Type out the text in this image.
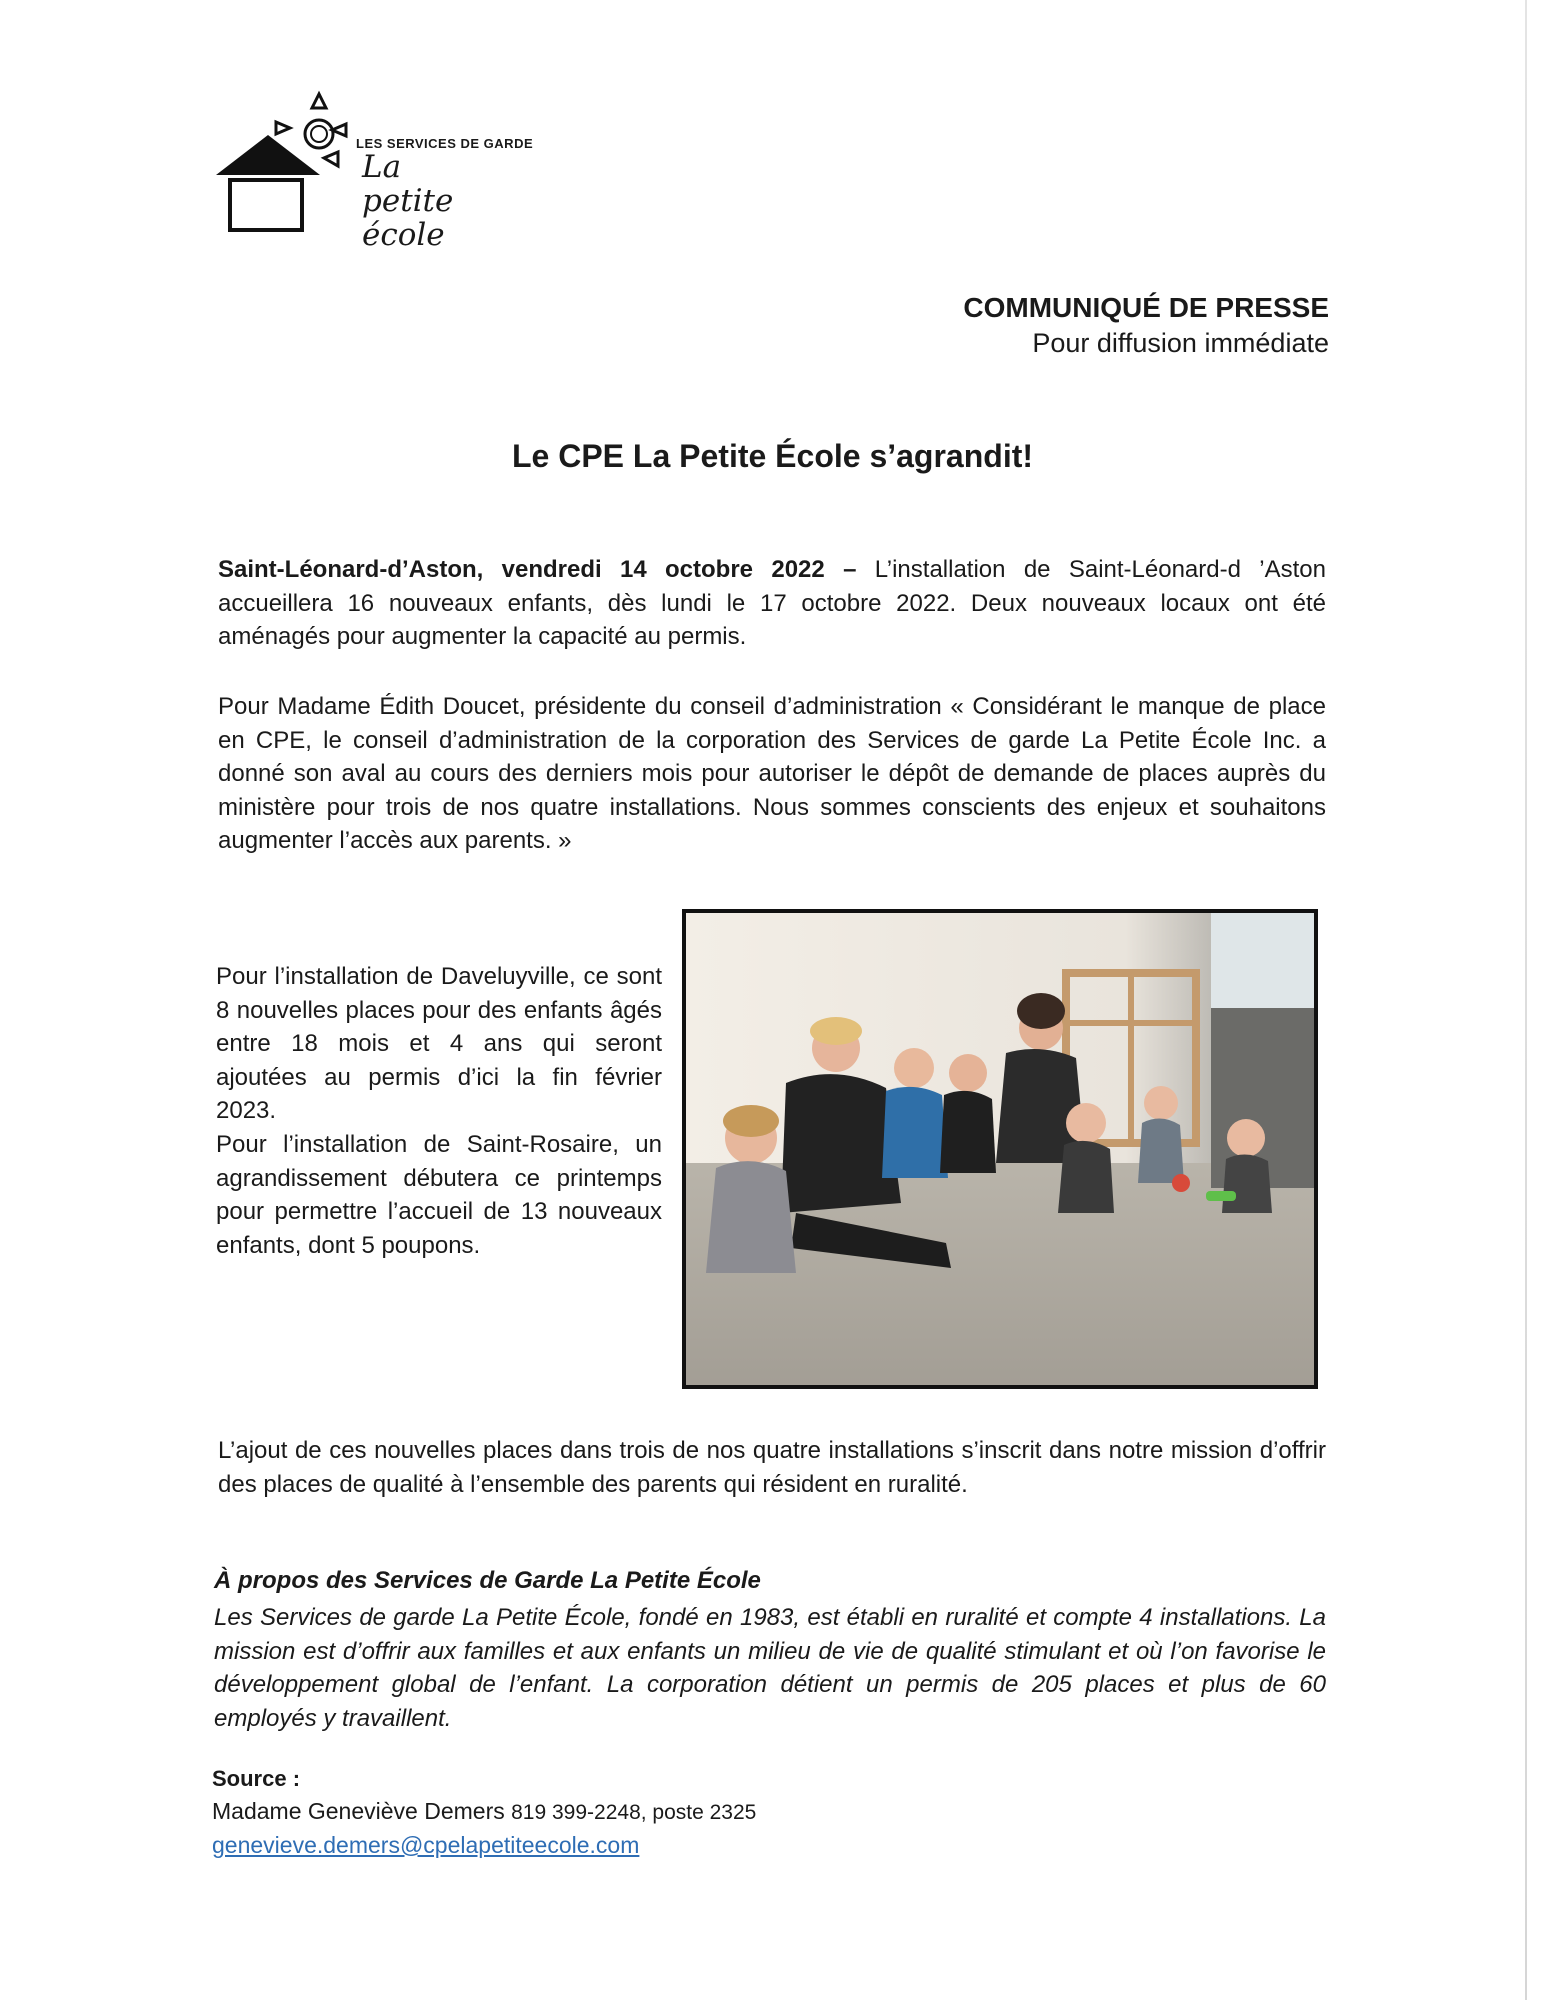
LES SERVICES DE GARDE
La petite école
COMMUNIQUÉ DE PRESSE
Pour diffusion immédiate
Le CPE La Petite École s’agrandit!
Saint-Léonard-d’Aston, vendredi 14 octobre 2022 – L’installation de Saint-Léonard-d ’Aston accueillera 16 nouveaux enfants, dès lundi le 17 octobre 2022. Deux nouveaux locaux ont été aménagés pour augmenter la capacité au permis.
Pour Madame Édith Doucet, présidente du conseil d’administration « Considérant le manque de place en CPE, le conseil d’administration de la corporation des Services de garde La Petite École Inc. a donné son aval au cours des derniers mois pour autoriser le dépôt de demande de places auprès du ministère pour trois de nos quatre installations. Nous sommes conscients des enjeux et souhaitons augmenter l’accès aux parents. »
Pour l’installation de Daveluyville, ce sont 8 nouvelles places pour des enfants âgés entre 18 mois et 4 ans qui seront ajoutées au permis d’ici la fin février 2023.
Pour l’installation de Saint-Rosaire, un agrandissement débutera ce printemps pour permettre l’accueil de 13 nouveaux enfants, dont 5 poupons.
L’ajout de ces nouvelles places dans trois de nos quatre installations s’inscrit dans notre mission d’offrir des places de qualité à l’ensemble des parents qui résident en ruralité.
À propos des Services de Garde La Petite École
Les Services de garde La Petite École, fondé en 1983, est établi en ruralité et compte 4 installations. La mission est d’offrir aux familles et aux enfants un milieu de vie de qualité stimulant et où l’on favorise le développement global de l’enfant. La corporation détient un permis de 205 places et plus de 60 employés y travaillent.
Source :
Madame Geneviève Demers 819 399-2248, poste 2325
genevieve.demers@cpelapetiteecole.com
